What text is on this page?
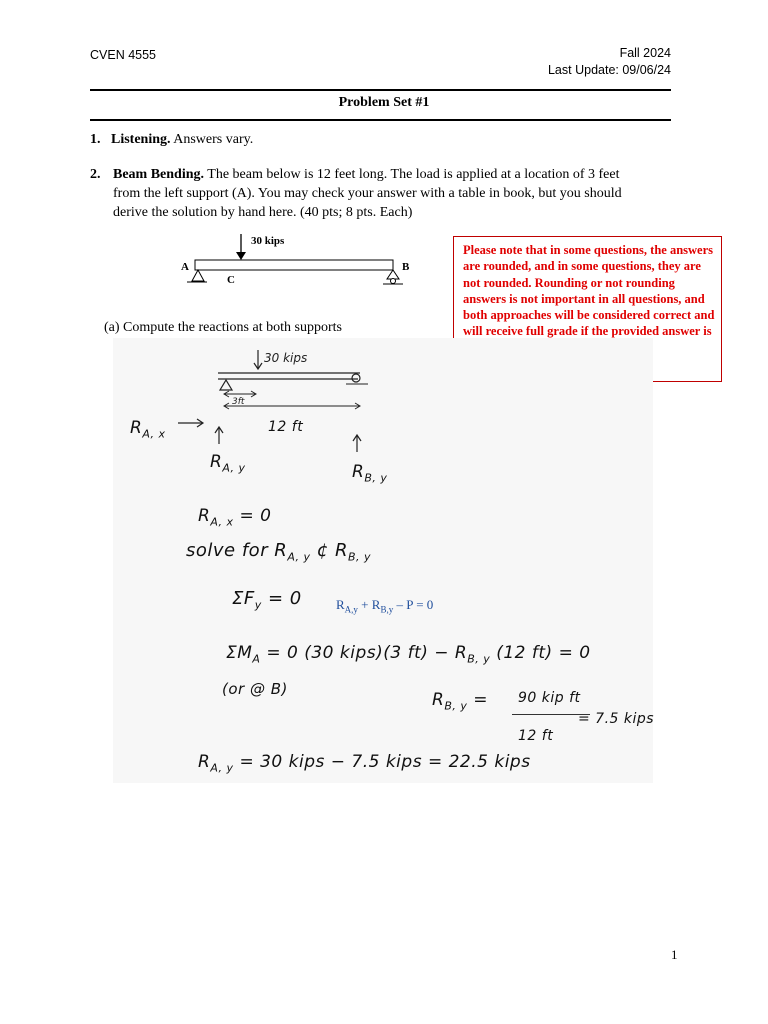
CVEN 4555	Fall 2024
Last Update: 09/06/24
Problem Set #1
1. Listening. Answers vary.
2. Beam Bending. The beam below is 12 feet long. The load is applied at a location of 3 feet
from the left support (A). You may check your answer with a table in book, but you should
derive the solution by hand here. (40 pts; 8 pts. Each)
30 kips
A	B
C
Please note that in some questions, the answers are rounded, and in some questions, they are not rounded. Rounding or not rounding answers is not important in all questions, and both approaches will be considered correct and will receive full grade if the provided answer is
(a) Compute the reactions at both supports
30 kips
3ft
$R_{A, x}$	12 ft
$R_{A, y}$	$R_{B, y}$
$R_{A, x} = 0$
solve for $R_{A, y}$ ¢ $R_{B, y}$
$\Sigma F_y = 0$	$R_{A,y} + R_{B,y} - P = 0$
$\Sigma M_A = 0$ (30 kips)(3 $ft) - R_{B, y}$ (12 ft) = 0
(or @ B)
$R_{B, y} = 90$ kip ft
12 ft
= 7.5 kips
$R_{A, y} = 30$ kips − 7.5 kips = 22.5 kips
1
